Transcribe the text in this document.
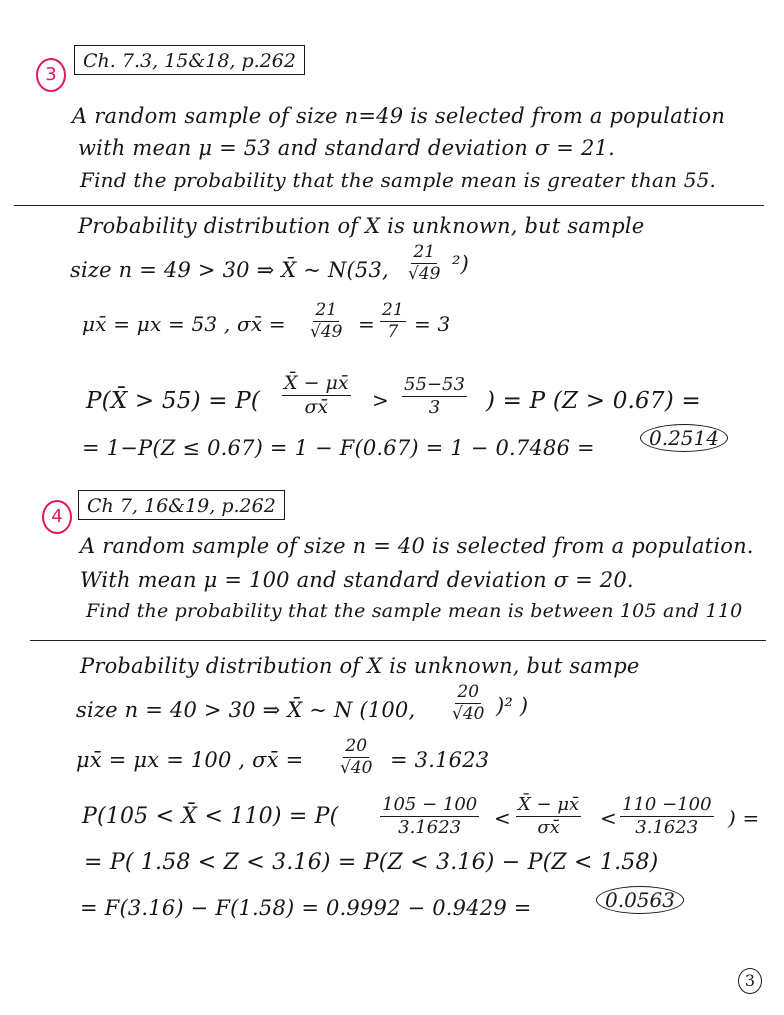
3
Ch. 7.3, 15&18, p.262
A random sample of size n=49 is selected from a population
with mean μ = 53 and standard deviation σ = 21.
Find the probability that the sample mean is greater than 55.
Probability distribution of X is unknown, but sample
size n = 49 > 30 ⇒ X̄ ~ N(53, $\frac{21}{√49} ^2$)
μx̄ = μx = 53 , σx̄ = $\frac{21}{√49} = \frac{21}{7} = 3$
P(X̄ > $55) = P( \frac{X̄ - \mu x̄}{\sigma x̄} > \frac{55-53}{3}$ ) = P (Z > 0.67) =
= 1−P(Z ≤ 0.67) = 1 − F(0.67) = 1 − 0.7486 =	0.2514
4	Ch 7, 16&19, p.262
A random sample of size n = 40 is selected from a population.
With mean μ = 100 and standard deviation σ = 20.
Find the probability that the sample mean is between 105 and 110
Probability distribution of X is unknown, but sampe
size n = 40 > 30 ⇒ X̄ ~ N (100, $\frac{20}{√40} )^2$ )
μx̄ = μx = 100 , σx̄ = $\frac{20}{√40} = 3.1623$
P(105 < X̄ < $110) = P( \frac{105 - 100}{3.1623} < \frac{X̄ - \mu x̄}{\sigma x̄} < \frac{110 -100}{3.1623}$ ) =
= P( 1.58 < Z < 3.16) = P(Z < 3.16) − P(Z < 1.58)
= F(3.16) − F(1.58) = 0.9992 − 0.9429 =	0.0563
3
